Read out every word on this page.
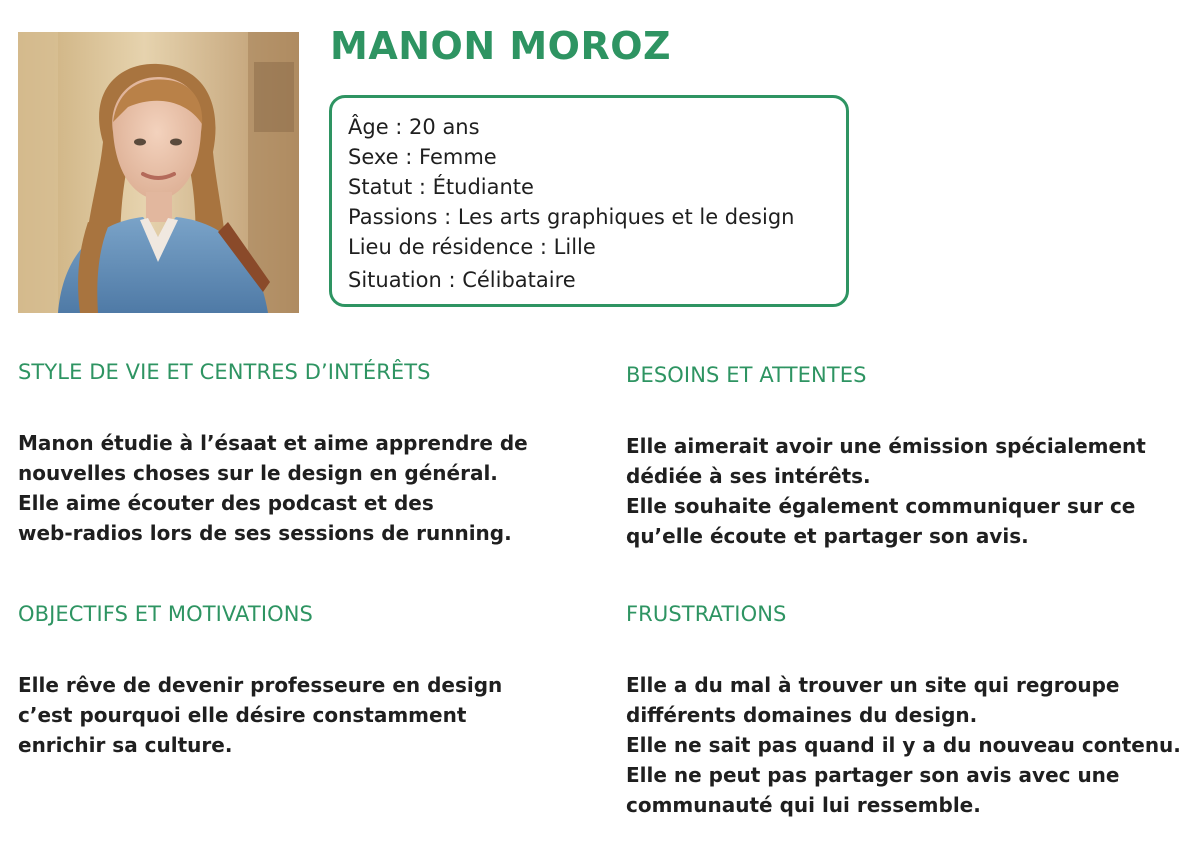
MANON MOROZ
Âge : 20 ans
Sexe : Femme
Statut : Étudiante
Passions : Les arts graphiques et le design
Lieu de résidence : Lille
Situation : Célibataire
STYLE DE VIE ET CENTRES D’INTÉRÊTS

Manon étudie à l’ésaat et aime apprendre de
nouvelles choses sur le design en général.
Elle aime écouter des podcast et des
web-radios lors de ses sessions de running.

BESOINS ET ATTENTES

Elle aimerait avoir une émission spécialement
dédiée à ses intérêts.
Elle souhaite également communiquer sur ce
qu’elle écoute et partager son avis.

OBJECTIFS ET MOTIVATIONS

Elle rêve de devenir professeure en design
c’est pourquoi elle désire constamment
enrichir sa culture.

FRUSTRATIONS

Elle a du mal à trouver un site qui regroupe
différents domaines du design.
Elle ne sait pas quand il y a du nouveau contenu.
Elle ne peut pas partager son avis avec une
communauté qui lui ressemble.
